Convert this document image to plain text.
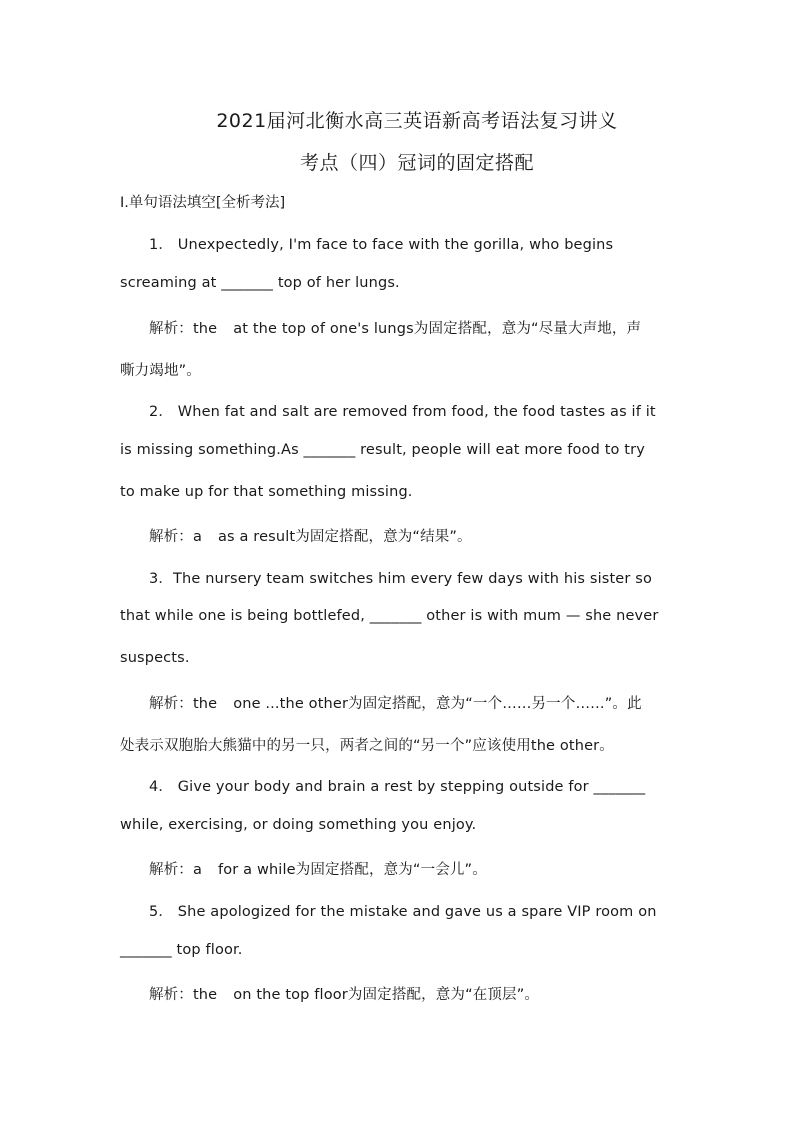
2021届河北衡水高三英语新高考语法复习讲义
考点（四）冠词的固定搭配
Ⅰ.单句语法填空[全析考法]
1． Unexpectedly, I'm face to face with the gorilla, who begins
screaming at _______ top of her lungs.
解析：the at the top of one's lungs为固定搭配，意为“尽量大声地，声
嘶力竭地”。
2． When fat and salt are removed from food, the food tastes as if it
is missing something.As _______ result, people will eat more food to try
to make up for that something missing.
解析：a as a result为固定搭配，意为“结果”。
3．The nursery team switches him every few days with his sister so
that while one is being bottlefed, _______ other is with mum — she never
suspects.
解析：the one ...the other为固定搭配，意为“一个……另一个……”。此
处表示双胞胎大熊猫中的另一只，两者之间的“另一个”应该使用the other。
4． Give your body and brain a rest by stepping outside for _______
while, exercising, or doing something you enjoy.
解析：a for a while为固定搭配，意为“一会儿”。
5． She apologized for the mistake and gave us a spare VIP room on
_______ top floor.
解析：the on the top floor为固定搭配，意为“在顶层”。
